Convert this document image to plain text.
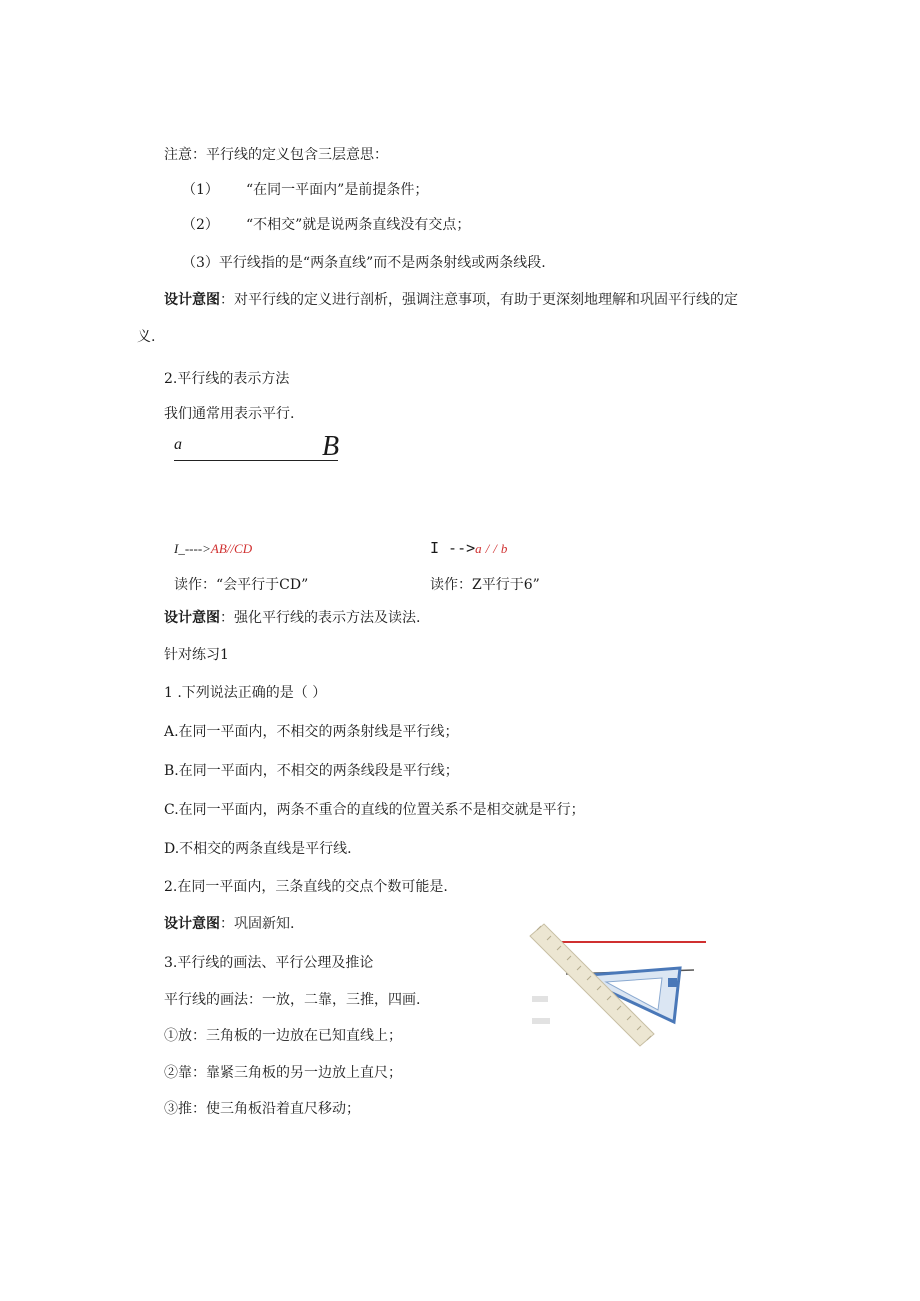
注意：平行线的定义包含三层意思：
（1） “在同一平面内”是前提条件；
（2） “不相交”就是说两条直线没有交点；
（3）平行线指的是“两条直线”而不是两条射线或两条线段.
设计意图：对平行线的定义进行剖析，强调注意事项，有助于更深刻地理解和巩固平行线的定
义.
2.平行线的表示方法
我们通常用表示平行.
a	B
I_---->AB//CD	I -->a//b
读作：“会平行于CD”	读作：Z平行于6”
设计意图：强化平行线的表示方法及读法.
针对练习1
1 .下列说法正确的是（ ）
A.在同一平面内，不相交的两条射线是平行线；
B.在同一平面内，不相交的两条线段是平行线；
C.在同一平面内，两条不重合的直线的位置关系不是相交就是平行；
D.不相交的两条直线是平行线.
2.在同一平面内，三条直线的交点个数可能是.
设计意图：巩固新知.
3.平行线的画法、平行公理及推论
平行线的画法：一放，二靠，三推，四画.
①放：三角板的一边放在已知直线上；
②靠：靠紧三角板的另一边放上直尺；
③推：使三角板沿着直尺移动；
